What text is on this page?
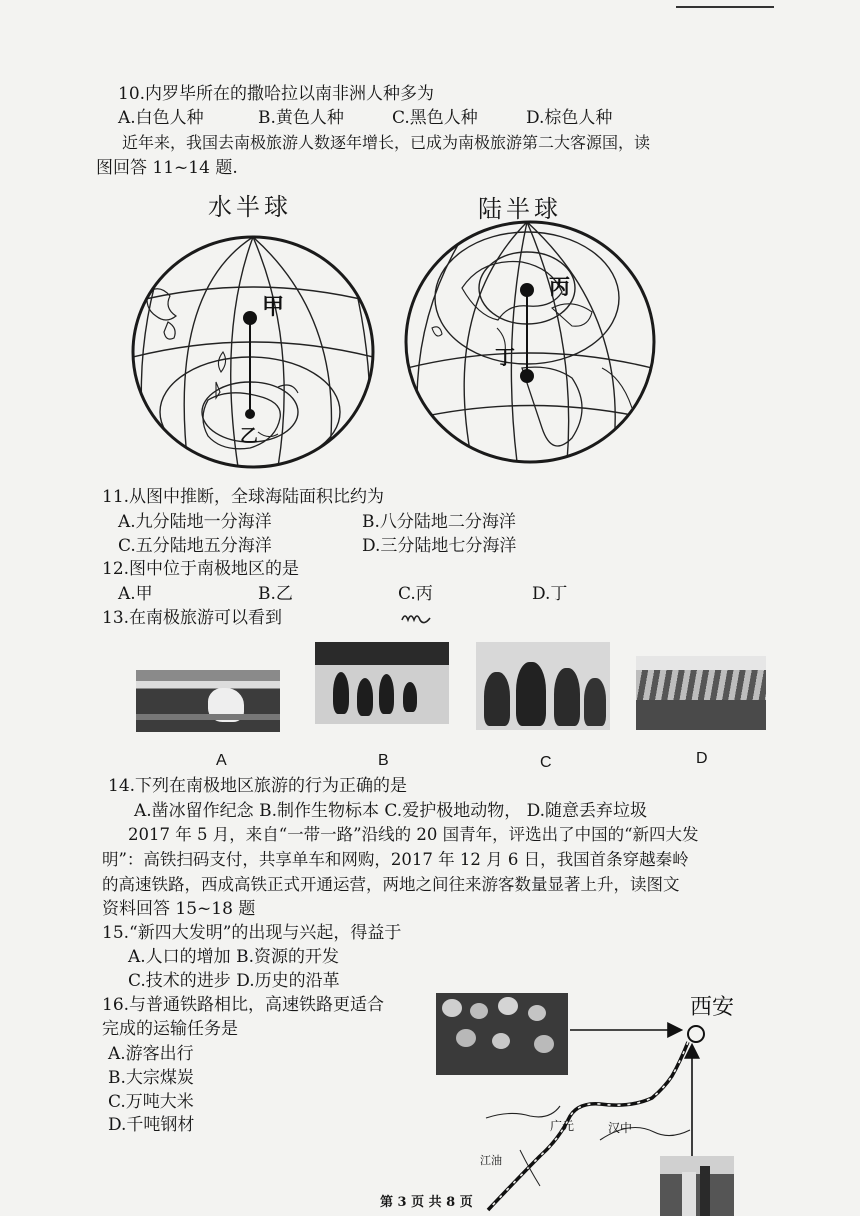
10.内罗毕所在的撒哈拉以南非洲人种多为
A.白色人种	B.黄色人种	C.黑色人种	D.棕色人种
近年来，我国去南极旅游人数逐年增长，已成为南极旅游第二大客源国，读
图回答 11~14 题.
水半球	陆半球
甲
乙
丙
丁
11.从图中推断，全球海陆面积比约为
A.九分陆地一分海洋	B.八分陆地二分海洋
C.五分陆地五分海洋	D.三分陆地七分海洋
12.图中位于南极地区的是
A.甲	B.乙	C.丙	D.丁
13.在南极旅游可以看到
A	B	C	D
14.下列在南极地区旅游的行为正确的是
A.凿冰留作纪念 B.制作生物标本 C.爱护极地动物， D.随意丢弃垃圾
2017 年 5 月，来自“一带一路”沿线的 20 国青年，评选出了中国的“新四大发
明”：高铁扫码支付，共享单车和网购，2017 年 12 月 6 日，我国首条穿越秦岭
的高速铁路，西成高铁正式开通运营，两地之间往来游客数量显著上升，读图文
资料回答 15~18 题
15.“新四大发明”的出现与兴起，得益于
A.人口的增加 B.资源的开发
C.技术的进步 D.历史的沿革
16.与普通铁路相比，高速铁路更适合
完成的运输任务是
A.游客出行
B.大宗煤炭
C.万吨大米
D.千吨钢材
西安
汉中
广元
江油
第 3 页 共 8 页
